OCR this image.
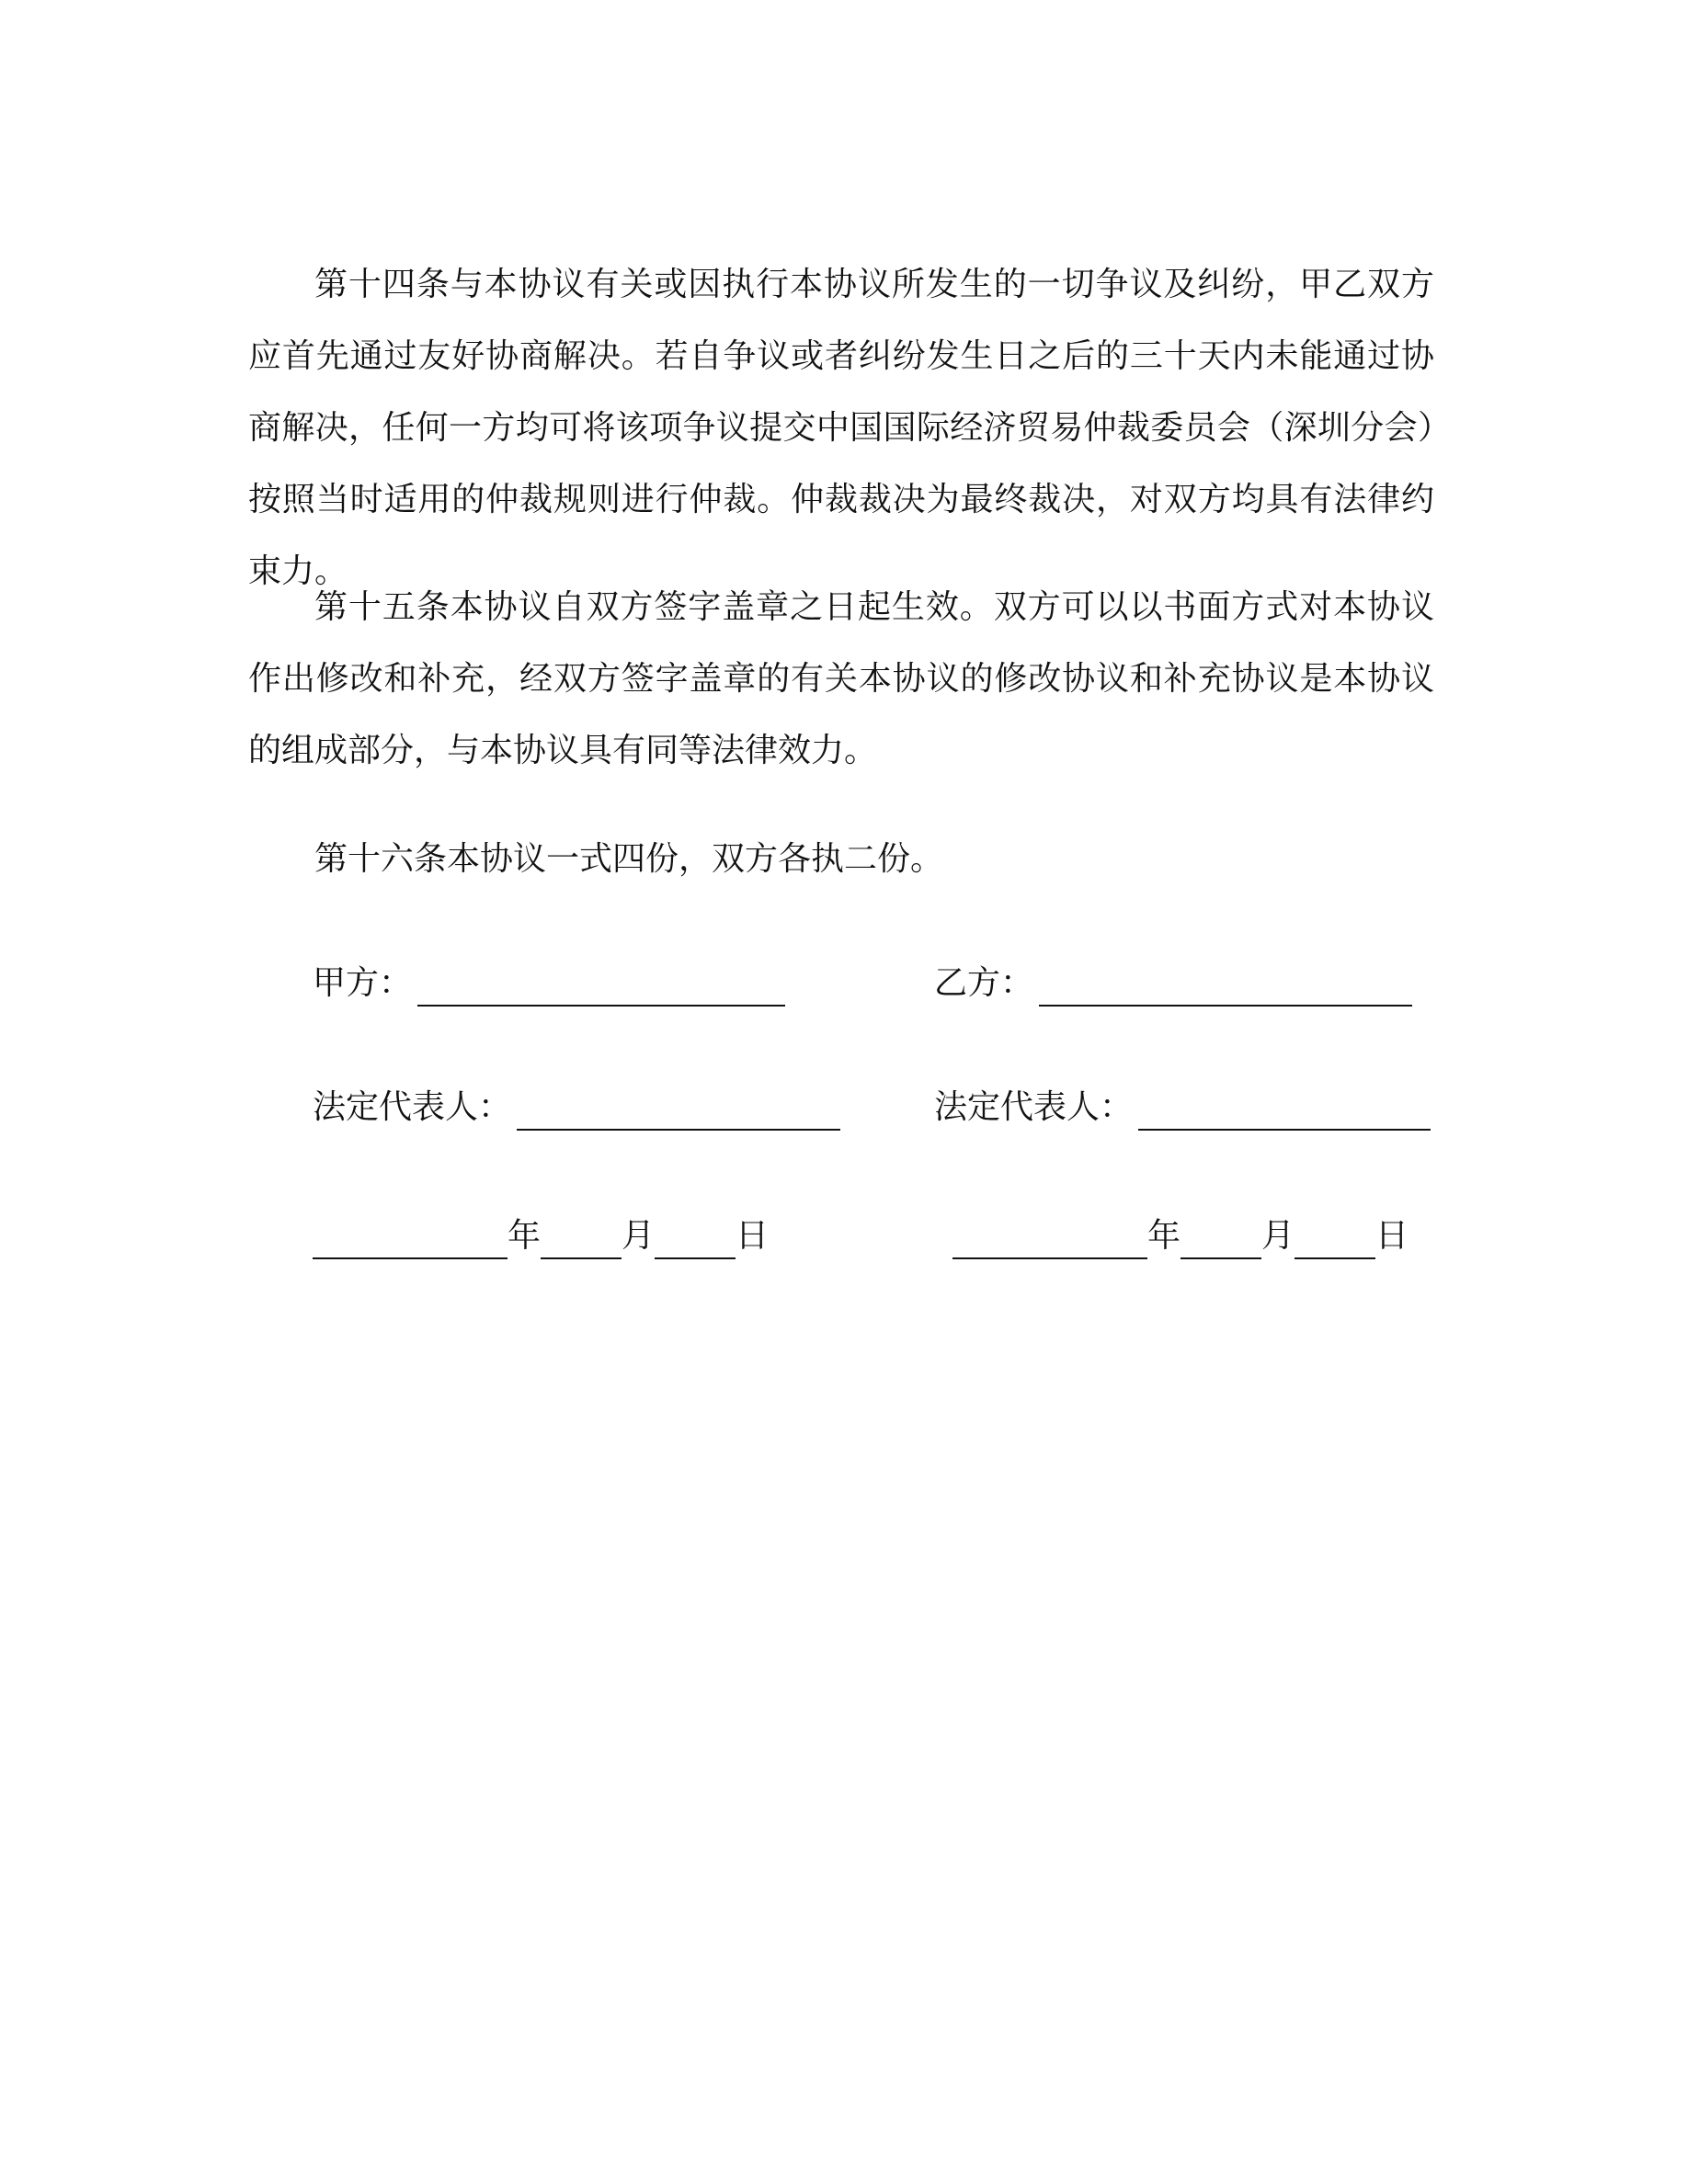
第十四条与本协议有关或因执行本协议所发生的一切争议及纠纷，甲乙双方应首先通过友好协商解决。若自争议或者纠纷发生日之后的三十天内未能通过协商解决，任何一方均可将该项争议提交中国国际经济贸易仲裁委员会（深圳分会）按照当时适用的仲裁规则进行仲裁。仲裁裁决为最终裁决，对双方均具有法律约束力。

第十五条本协议自双方签字盖章之日起生效。双方可以以书面方式对本协议作出修改和补充，经双方签字盖章的有关本协议的修改协议和补充协议是本协议的组成部分，与本协议具有同等法律效力。

第十六条本协议一式四份，双方各执二份。

甲方：	乙方：
法定代表人：	法定代表人：
年 月 日	年 月 日
